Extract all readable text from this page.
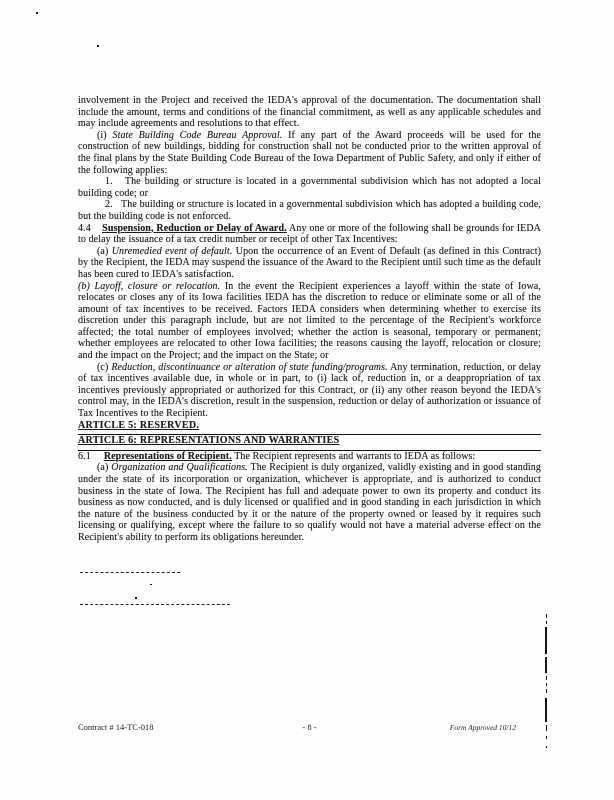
involvement in the Project and received the IEDA's approval of the documentation. The documentation shall include the amount, terms and conditions of the financial commitment, as well as any applicable schedules and may include agreements and resolutions to that effect.

(i) State Building Code Bureau Approval. If any part of the Award proceeds will be used for the construction of new buildings, bidding for construction shall not be conducted prior to the written approval of the final plans by the State Building Code Bureau of the Iowa Department of Public Safety, and only if either of the following applies:

1.   The building or structure is located in a governmental subdivision which has not adopted a local building code; or

2.   The building or structure is located in a governmental subdivision which has adopted a building code, but the building code is not enforced.

4.4    Suspension, Reduction or Delay of Award. Any one or more of the following shall be grounds for IEDA to delay the issuance of a tax credit number or receipt of other Tax Incentives:

(a) Unremedied event of default. Upon the occurrence of an Event of Default (as defined in this Contract) by the Recipient, the IEDA may suspend the issuance of the Award to the Recipient until such time as the default has been cured to IEDA's satisfaction.

(b) Layoff, closure or relocation. In the event the Recipient experiences a layoff within the state of Iowa, relocates or closes any of its Iowa facilities IEDA has the discretion to reduce or eliminate some or all of the amount of tax incentives to be received. Factors IEDA considers when determining whether to exercise its discretion under this paragraph include, but are not limited to the percentage of the Recipient's workforce affected; the total number of employees involved; whether the action is seasonal, temporary or permanent; whether employees are relocated to other Iowa facilities; the reasons causing the layoff, relocation or closure; and the impact on the Project; and the impact on the State; or

(c) Reduction, discontinuance or alteration of state funding/programs. Any termination, reduction, or delay of tax incentives available due, in whole or in part, to (i) lack of, reduction in, or a deappropriation of tax incentives previously appropriated or authorized for this Contract, or (ii) any other reason beyond the IEDA's control may, in the IEDA's discretion, result in the suspension, reduction or delay of authorization or issuance of Tax Incentives to the Recipient.

ARTICLE 5: RESERVED.

ARTICLE 6: REPRESENTATIONS AND WARRANTIES

6.1     Representations of Recipient. The Recipient represents and warrants to IEDA as follows:

(a) Organization and Qualifications. The Recipient is duly organized, validly existing and in good standing under the state of its incorporation or organization, whichever is appropriate, and is authorized to conduct business in the state of Iowa. The Recipient has full and adequate power to own its property and conduct its business as now conducted, and is duly licensed or qualified and in good standing in each jurisdiction in which the nature of the business conducted by it or the nature of the property owned or leased by it requires such licensing or qualifying, except where the failure to so qualify would not have a material adverse effect on the Recipient's ability to perform its obligations hereunder.

Contract # 14-TC-018	- 8 -	Form Approved 10/12
